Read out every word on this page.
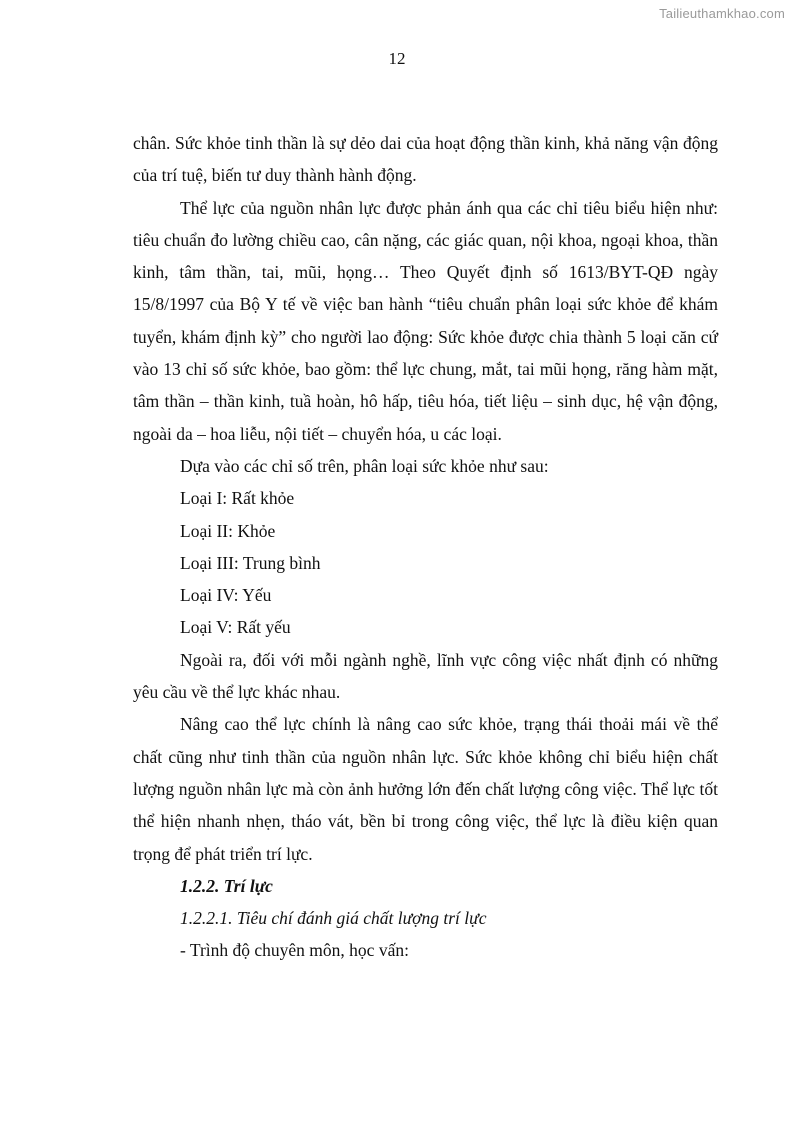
Tailieuthamkhao.com
12

chân. Sức khỏe tinh thần là sự dẻo dai của hoạt động thần kinh, khả năng vận động của trí tuệ, biến tư duy thành hành động.

Thể lực của nguồn nhân lực được phản ánh qua các chỉ tiêu biểu hiện như: tiêu chuẩn đo lường chiều cao, cân nặng, các giác quan, nội khoa, ngoại khoa, thần kinh, tâm thần, tai, mũi, họng… Theo Quyết định số 1613/BYT-QĐ ngày 15/8/1997 của Bộ Y tế về việc ban hành “tiêu chuẩn phân loại sức khỏe để khám tuyển, khám định kỳ” cho người lao động: Sức khỏe được chia thành 5 loại căn cứ vào 13 chỉ số sức khỏe, bao gồm: thể lực chung, mắt, tai mũi họng, răng hàm mặt, tâm thần – thần kinh, tuầ hoàn, hô hấp, tiêu hóa, tiết liệu – sinh dục, hệ vận động, ngoài da – hoa liễu, nội tiết – chuyển hóa, u các loại.

Dựa vào các chỉ số trên, phân loại sức khỏe như sau:

Loại I: Rất khỏe

Loại II: Khỏe

Loại III: Trung bình

Loại IV: Yếu

Loại V: Rất yếu

Ngoài ra, đối với mỗi ngành nghề, lĩnh vực công việc nhất định có những yêu cầu về thể lực khác nhau.

Nâng cao thể lực chính là nâng cao sức khỏe, trạng thái thoải mái về thể chất cũng như tinh thần của nguồn nhân lực. Sức khỏe không chỉ biểu hiện chất lượng nguồn nhân lực mà còn ảnh hưởng lớn đến chất lượng công việc. Thể lực tốt thể hiện nhanh nhẹn, tháo vát, bền bỉ trong công việc, thể lực là điều kiện quan trọng để phát triển trí lực.

1.2.2. Trí lực

1.2.2.1. Tiêu chí đánh giá chất lượng trí lực

- Trình độ chuyên môn, học vấn:
